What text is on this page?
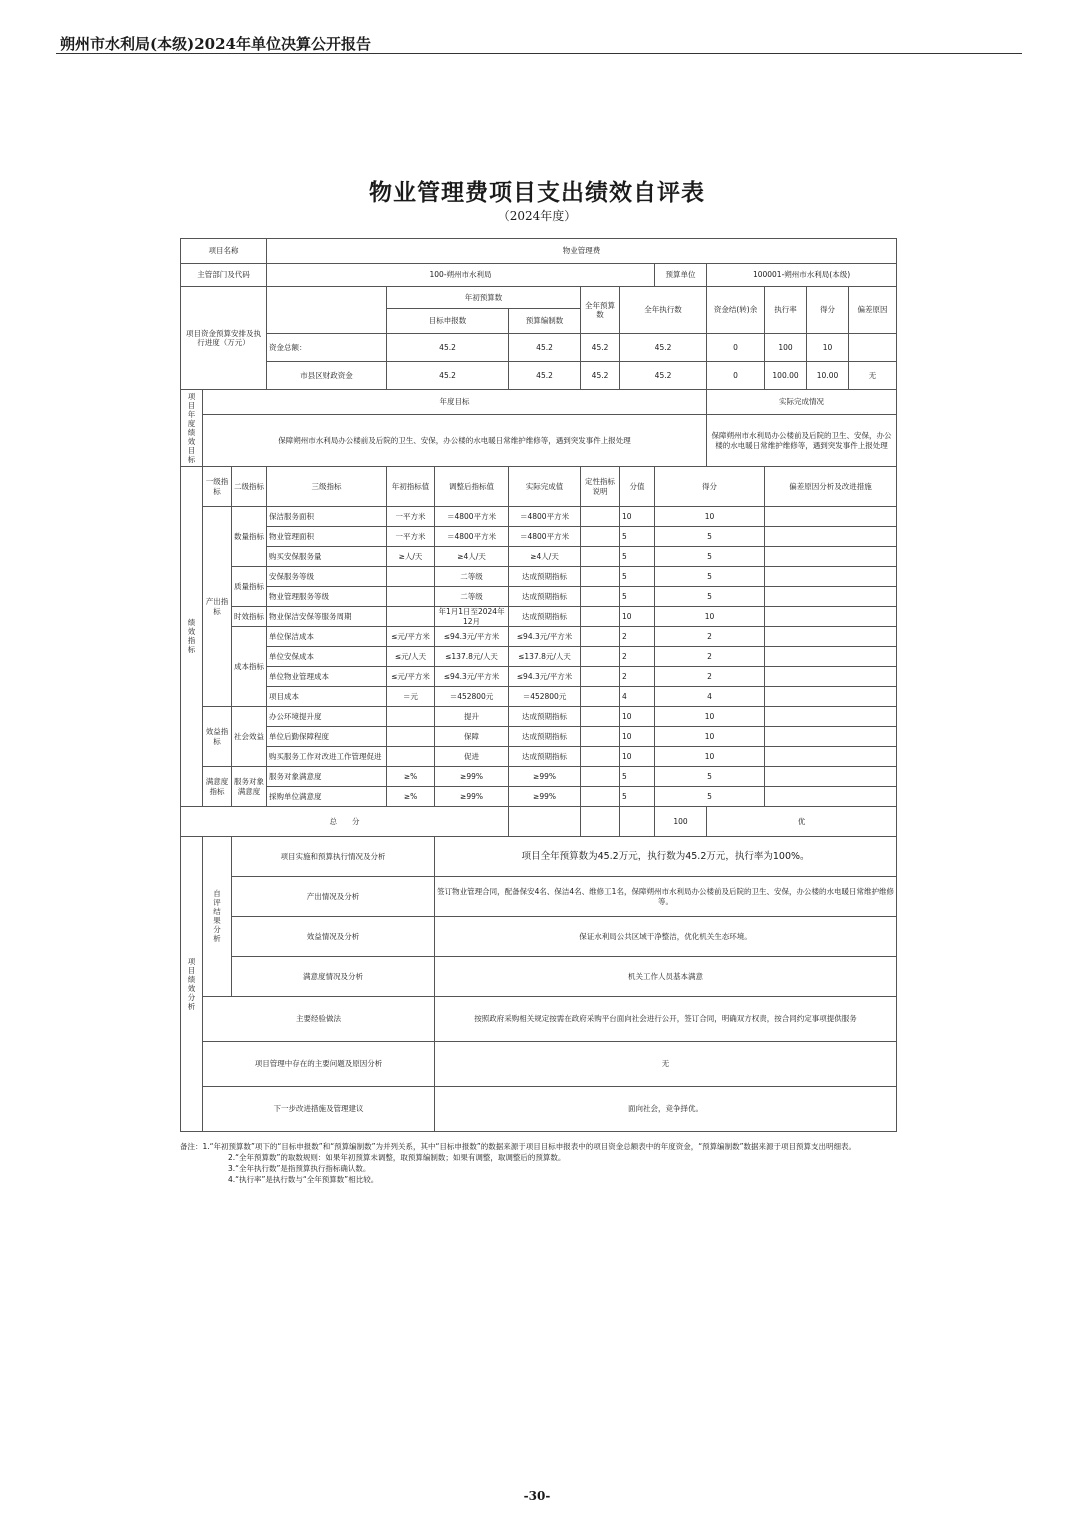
朔州市水利局(本级)2024年单位决算公开报告
物业管理费项目支出绩效自评表
（2024年度）
项目名称			物业管理费										
主管部门及代码			100-朔州市水利局						预算单位	100001-朔州市水利局(本级)			
项目资金预算安排及执行进度（万元）				年初预算数			全年预算数	全年执行数		资金结(转)余	执行率	得分	偏差原因
				目标申报数		预算编制数							
			资金总额：	45.2		45.2	45.2	45.2		0	100	10	
			市县区财政资金	45.2		45.2	45.2	45.2		0	100.00	10.00	无
项目年度绩效目标	年度目标									实际完成情况			
	保障朔州市水利局办公楼前及后院的卫生、安保，办公楼的水电暖日常维护维修等，遇到突发事件上报处理									保障朔州市水利局办公楼前及后院的卫生、安保，办公楼的水电暖日常维护维修等，遇到突发事件上报处理			
绩效指标	一级指标	二级指标	三级指标	年初指标值	调整后指标值	实际完成值	定性指标说明	分值	得分		偏差原因分析及改进措施		
	产出指标	数量指标	保洁服务面积	一平方米	＝4800平方米	＝4800平方米		10	10				
			物业管理面积	一平方米	＝4800平方米	＝4800平方米		5	5				
			购买安保服务量	≥人/天	≥4人/天	≥4人/天		5	5				
		质量指标	安保服务等级		二等级	达成预期指标		5	5				
			物业管理服务等级		二等级	达成预期指标		5	5				
		时效指标	物业保洁安保等服务周期		年1月1日至2024年12月	达成预期指标		10	10				
		成本指标	单位保洁成本	≤元/平方米	≤94.3元/平方米	≤94.3元/平方米		2	2				
			单位安保成本	≤元/人天	≤137.8元/人天	≤137.8元/人天		2	2				
			单位物业管理成本	≤元/平方米	≤94.3元/平方米	≤94.3元/平方米		2	2				
			项目成本	＝元	＝452800元	＝452800元		4	4				
	效益指标	社会效益	办公环境提升度		提升	达成预期指标		10	10				
			单位后勤保障程度		保障	达成预期指标		10	10				
			购买服务工作对改进工作管理促进		促进	达成预期指标		10	10				
	满意度指标	服务对象满意度	服务对象满意度	≥%	≥99%	≥99%		5	5				
			採购单位满意度	≥%	≥99%	≥99%		5	5				
总　　分									100	优			
项目绩效分析	自评结果分析	项目实施和预算执行情况及分析			项目全年预算数为45.2万元，执行数为45.2万元，执行率为100%。								
		产出情况及分析			签订物业管理合同，配备保安4名、保洁4名、维修工1名，保障朔州市水利局办公楼前及后院的卫生、安保，办公楼的水电暖日常维护维修等。								
		效益情况及分析			保证水利局公共区域干净整洁，优化机关生态环境。								
		满意度情况及分析			机关工作人员基本满意								
	主要经验做法				按照政府采购相关规定按需在政府采购平台面向社会进行公开，签订合同，明确双方权责，按合同约定事项提供服务								
	项目管理中存在的主要问题及原因分析				无								
	下一步改进措施及管理建议				面向社会，竞争择优。								
备注：1.“年初预算数”项下的“目标申报数”和“预算编制数”为并列关系，其中“目标申报数”的数据来源于项目目标申报表中的项目资金总额表中的年度资金，“预算编制数”数据来源于项目预算支出明细表。
2.“全年预算数”的取数规则：如果年初预算未调整，取预算编制数；如果有调整，取调整后的预算数。
3.“全年执行数”是指预算执行指标确认数。
4.“执行率”是执行数与“全年预算数”相比较。
-30-
